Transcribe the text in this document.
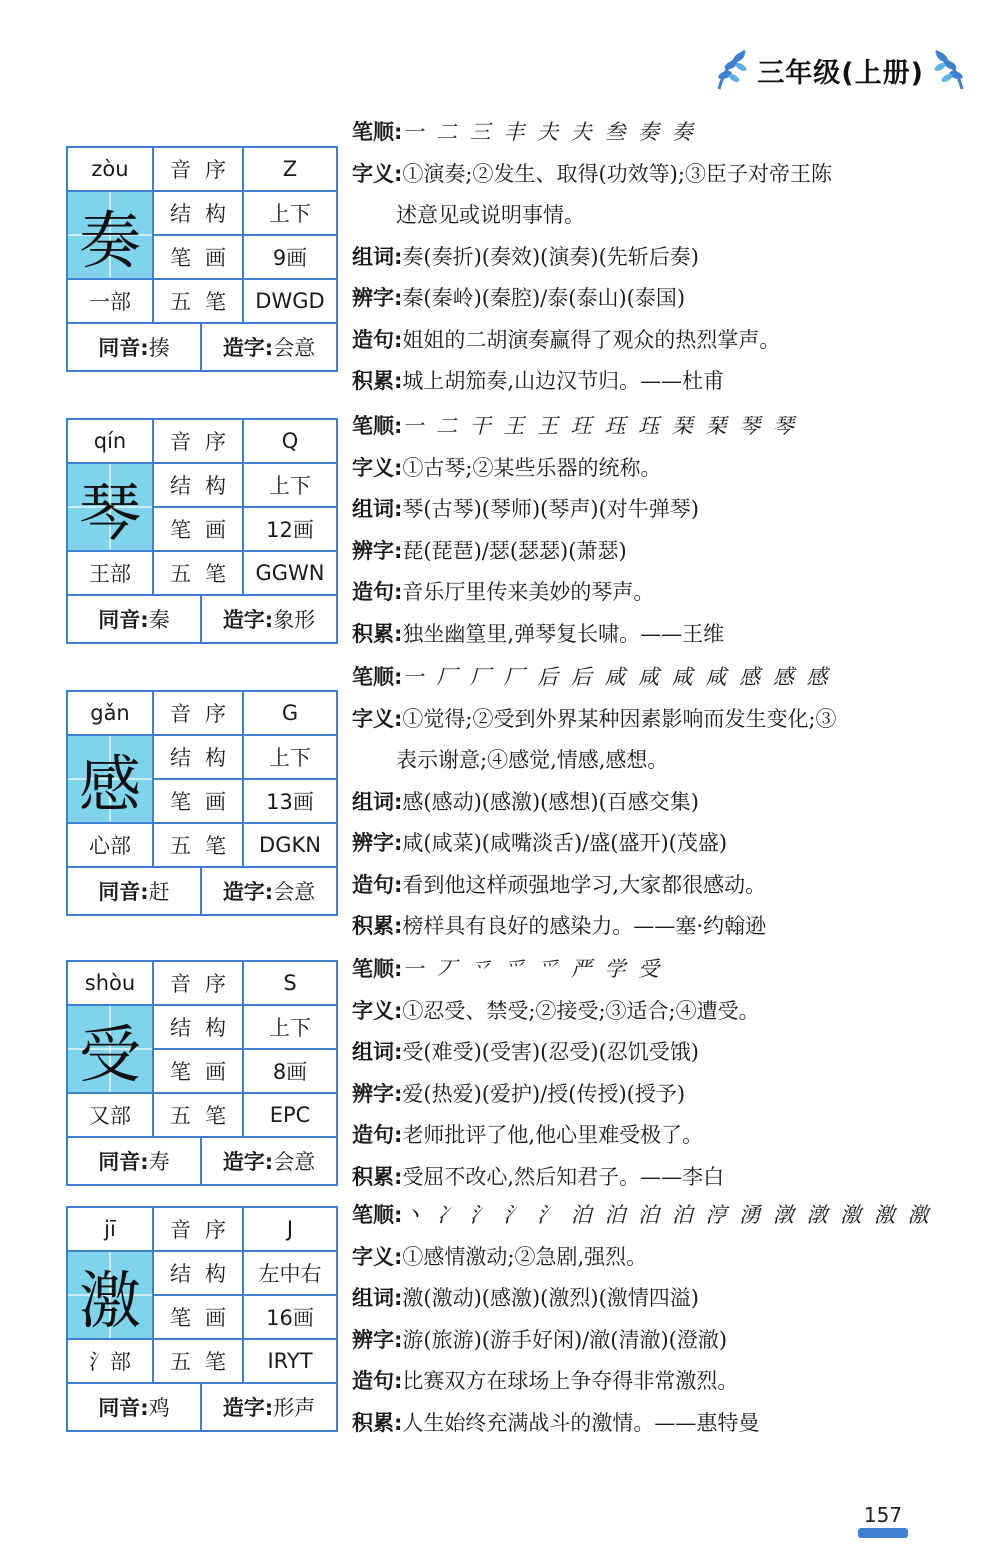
三年级(上册)
zòu	音序	Z
奏	结构	上下
笔画	9画
一部	五笔 DWGD
同音: 揍	造字: 会意
笔顺:一 二 三 丰 夫 夫 叁 奏 奏
字义:①演奏;②发生、取得(功效等);③臣子对帝王陈
述意见或说明事情。
组词:奏(奏折)(奏效)(演奏)(先斩后奏)
辨字:秦(秦岭)(秦腔)/泰(泰山)(泰国)
造句:姐姐的二胡演奏赢得了观众的热烈掌声。
积累:城上胡笳奏,山边汉节归。——杜甫
qín	音序	Q
琴	结构	上下
笔画	12画
王部	五笔 GGWN
同音: 秦	造字: 象形
笔顺:一 二 干 王 王 玨 珏 珏 琹 琹 琴 琴
字义:①古琴;②某些乐器的统称。
组词:琴(古琴)(琴师)(琴声)(对牛弹琴)
辨字:琵(琵琶)/瑟(瑟瑟)(萧瑟)
造句:音乐厅里传来美妙的琴声。
积累:独坐幽篁里,弹琴复长啸。——王维
gǎn	音序	G
感	结构	上下
笔画	13画
心部	五笔 DGKN
同音: 赶	造字: 会意
笔顺:一 厂 厂 厂 后 后 咸 咸 咸 咸 感 感 感
字义:①觉得;②受到外界某种因素影响而发生变化;③
表示谢意;④感觉,情感,感想。
组词:感(感动)(感激)(感想)(百感交集)
辨字:咸(咸菜)(咸嘴淡舌)/盛(盛开)(茂盛)
造句:看到他这样顽强地学习,大家都很感动。
积累:榜样具有良好的感染力。——塞·约翰逊
shòu	音序	S
受	结构	上下
笔画	8画
又部	五笔	EPC
同音: 寿	造字: 会意
笔顺:一 丆 乊 爫 爫 严 学 受
字义:①忍受、禁受;②接受;③适合;④遭受。
组词:受(难受)(受害)(忍受)(忍饥受饿)
辨字:爱(热爱)(爱护)/授(传授)(授予)
造句:老师批评了他,他心里难受极了。
积累:受屈不改心,然后知君子。——李白
jī	音序	J
激	结构 左中右
笔画	16画
氵部	五笔	IRYT
同音: 鸡	造字: 形声
笔顺:丶 冫 氵 氵 氵 泊 泊 泊 泊 涥 湧 潡 潡 激 激 激
字义:①感情激动;②急剧,强烈。
组词:激(激动)(感激)(激烈)(激情四溢)
辨字:游(旅游)(游手好闲)/澈(清澈)(澄澈)
造句:比赛双方在球场上争夺得非常激烈。
积累:人生始终充满战斗的激情。——惠特曼
157
